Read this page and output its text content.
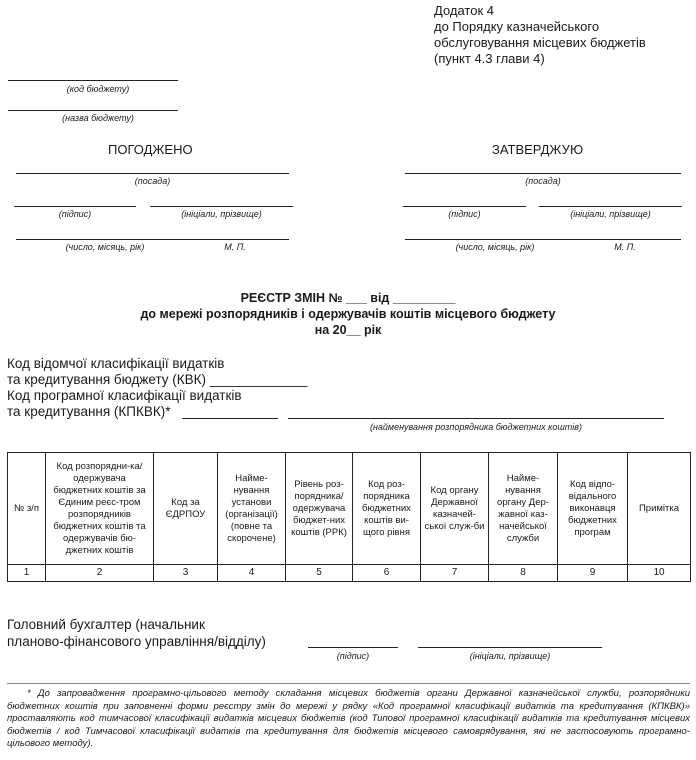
Додаток 4
до Порядку казначейського
обслуговування місцевих бюджетів
(пункт 4.3 глави 4)
(код бюджету)
(назва бюджету)
ПОГОДЖЕНО
(посада)
(підпис)	(ініціали, прізвище)
(число, місяць, рік)	М. П.
ЗАТВЕРДЖУЮ
(посада)
(підпис)	(ініціали, прізвище)
(число, місяць, рік)	М. П.
РЕЄСТР ЗМІН № ___ від _________
до мережі розпорядників і одержувачів коштів місцевого бюджету
на 20__ рік
Код відомчої класифікації видатків
та кредитування бюджету (КВК) _____________
Код програмної класифікації видатків
та кредитування (КПКВК)*
(найменування розпорядника бюджетних коштів)
№ з/п	Код розпорядни-ка/ одержувача бюджетних коштів за Єдиним реєс-тром розпорядників бюджетних коштів та одержувачів бю-джетних коштів	Код за ЄДРПОУ	Найме-нування установи (організації) (повне та скорочене)	Рівень роз-порядника/ одержувача бюджет-них коштів (РРК)	Код роз-порядника бюджетних коштів ви-щого рівня	Код органу Державної казначей-ської служ-би	Найме-нування органу Дер-жавної каз-начейської служби	Код відпо-відального виконавця бюджетних програм	Примітка
1	2	3	4	5	6	7	8	9	10
Головний бухгалтер (начальник
планово-фінансового управління/відділу)
(підпис)	(ініціали, прізвище)
* До запровадження програмно-цільового методу складання місцевих бюджетів органи Державної казначейської служби, розпорядники бюджетних коштів при заповненні форми реєстру змін до мережі у рядку «Код програмної класифікації видатків та кредитування (КПКВК)» проставляють код тимчасової класифікації видатків місцевих бюджетів (код Типової програмної класифікації видатків та кредитування місцевих бюджетів / код Тимчасової класифікації видатків та кредитування для бюджетів місцевого самоврядування, які не застосовують програмно-цільового методу).
